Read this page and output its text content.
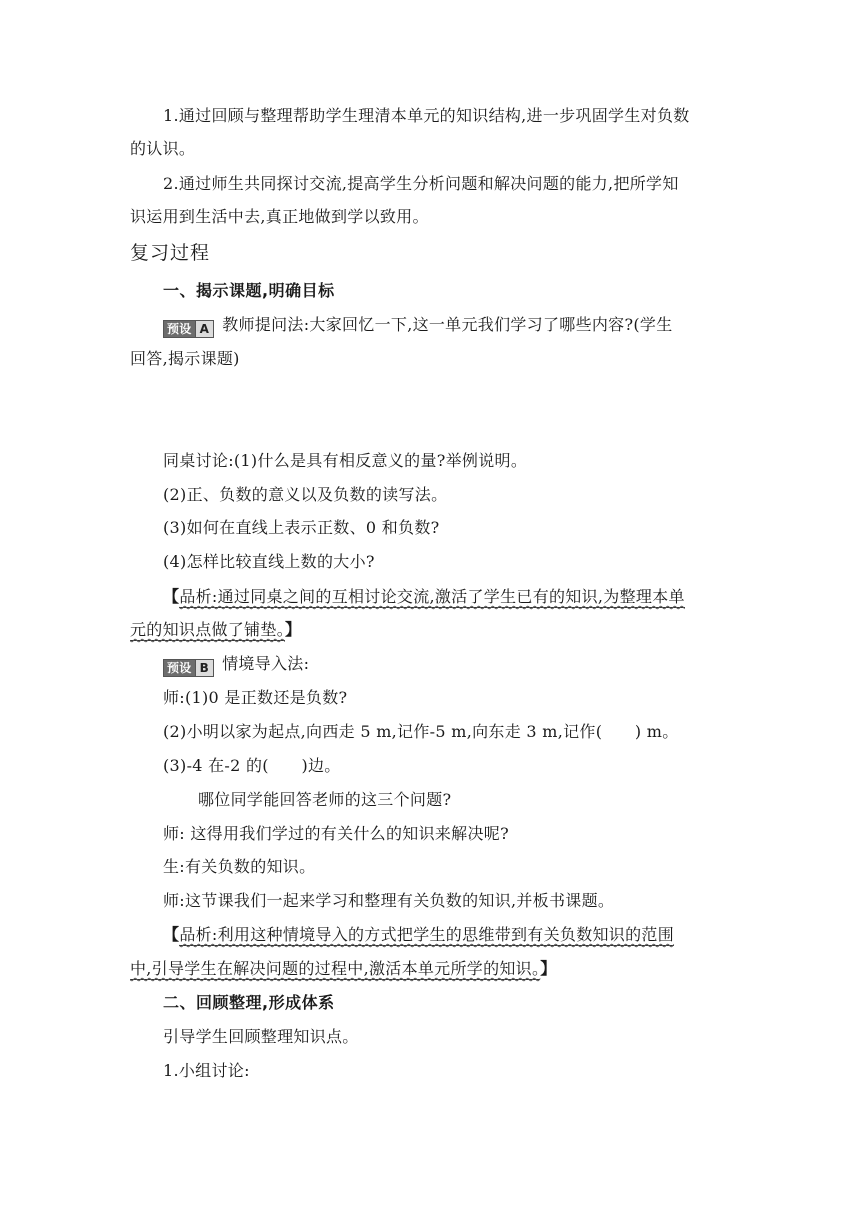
1.通过回顾与整理帮助学生理清本单元的知识结构,进一步巩固学生对负数
的认识。
2.通过师生共同探讨交流,提高学生分析问题和解决问题的能力,把所学知
识运用到生活中去,真正地做到学以致用。
复习过程
一、揭示课题,明确目标
预设 A 教师提问法:大家回忆一下,这一单元我们学习了哪些内容?(学生
回答,揭示课题)
同桌讨论:(1)什么是具有相反意义的量?举例说明。
(2)正、负数的意义以及负数的读写法。
(3)如何在直线上表示正数、0 和负数?
(4)怎样比较直线上数的大小?
【品析:通过同桌之间的互相讨论交流,激活了学生已有的知识,为整理本单
元的知识点做了铺垫。】
预设 B 情境导入法:
师:(1)0 是正数还是负数?
(2)小明以家为起点,向西走 5 m,记作-5 m,向东走 3 m,记作(　　) m。
(3)-4 在-2 的(　　)边。
哪位同学能回答老师的这三个问题?
师: 这得用我们学过的有关什么的知识来解决呢?
生:有关负数的知识。
师:这节课我们一起来学习和整理有关负数的知识,并板书课题。
【品析:利用这种情境导入的方式把学生的思维带到有关负数知识的范围
中,引导学生在解决问题的过程中,激活本单元所学的知识。】
二、回顾整理,形成体系
引导学生回顾整理知识点。
1.小组讨论:
